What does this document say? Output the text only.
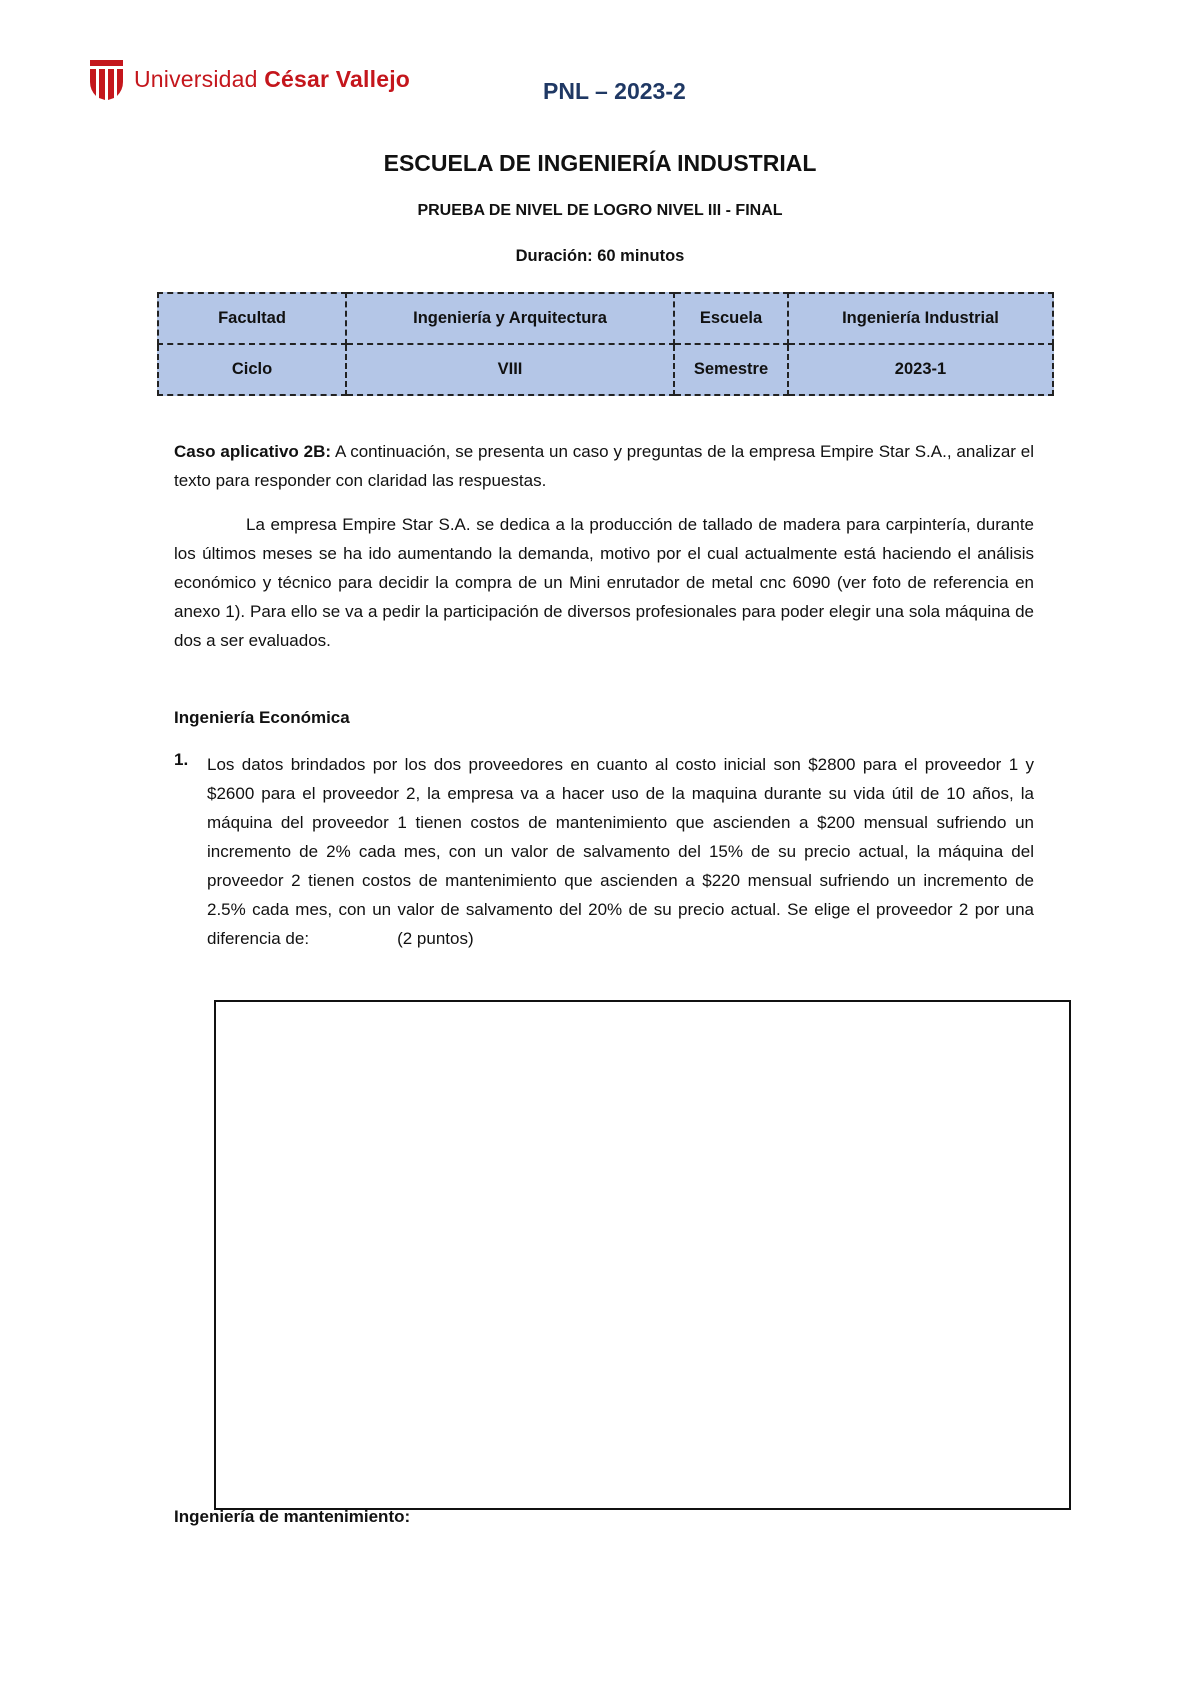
Universidad César Vallejo	PNL – 2023-2
ESCUELA DE INGENIERÍA INDUSTRIAL
PRUEBA DE NIVEL DE LOGRO NIVEL III - FINAL
Duración: 60 minutos
Facultad	Ingeniería y Arquitectura	Escuela	Ingeniería Industrial
Ciclo	VIII	Semestre	2023-1
Caso aplicativo 2B: A continuación, se presenta un caso y preguntas de la empresa Empire Star S.A., analizar el texto para responder con claridad las respuestas.
La empresa Empire Star S.A. se dedica a la producción de tallado de madera para carpintería, durante los últimos meses se ha ido aumentando la demanda, motivo por el cual actualmente está haciendo el análisis económico y técnico para decidir la compra de un Mini enrutador de metal cnc 6090 (ver foto de referencia en anexo 1). Para ello se va a pedir la participación de diversos profesionales para poder elegir una sola máquina de dos a ser evaluados.
Ingeniería Económica
1. Los datos brindados por los dos proveedores en cuanto al costo inicial son $2800 para el proveedor 1 y $2600 para el proveedor 2, la empresa va a hacer uso de la maquina durante su vida útil de 10 años, la máquina del proveedor 1 tienen costos de mantenimiento que ascienden a $200 mensual sufriendo un incremento de 2% cada mes, con un valor de salvamento del 15% de su precio actual, la máquina del proveedor 2 tienen costos de mantenimiento que ascienden a $220 mensual sufriendo un incremento de 2.5% cada mes, con un valor de salvamento del 20% de su precio actual. Se elige el proveedor 2 por una diferencia de:	(2 puntos)
Ingeniería de mantenimiento:
